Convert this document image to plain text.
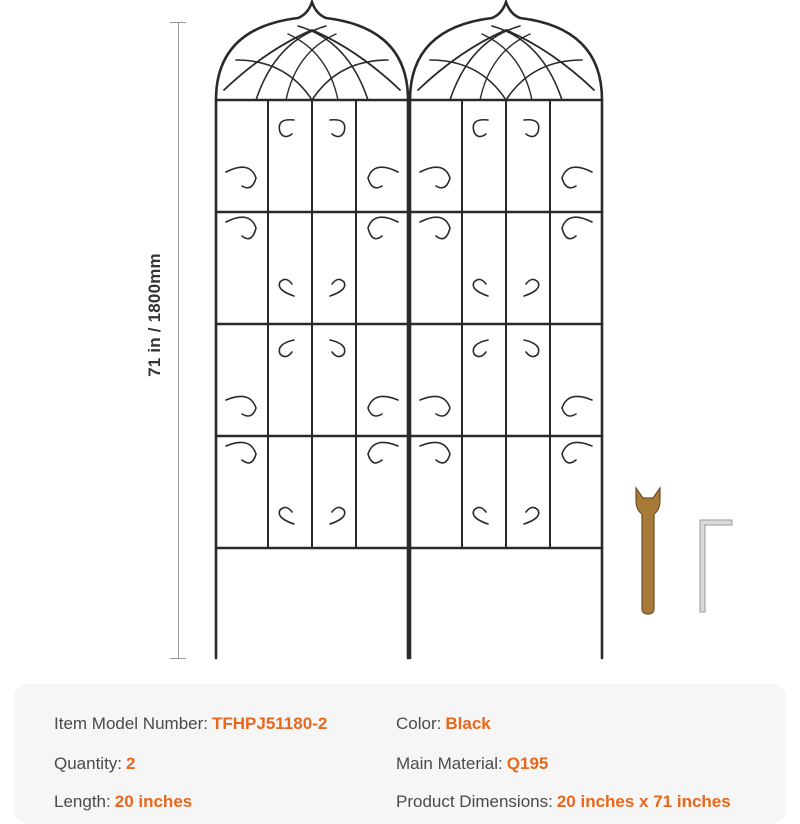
71 in / 1800mm
Item Model Number: TFHPJ51180-2
Quantity: 2
Length: 20 inches
Color: Black
Main Material: Q195
Product Dimensions: 20 inches x 71 inches
